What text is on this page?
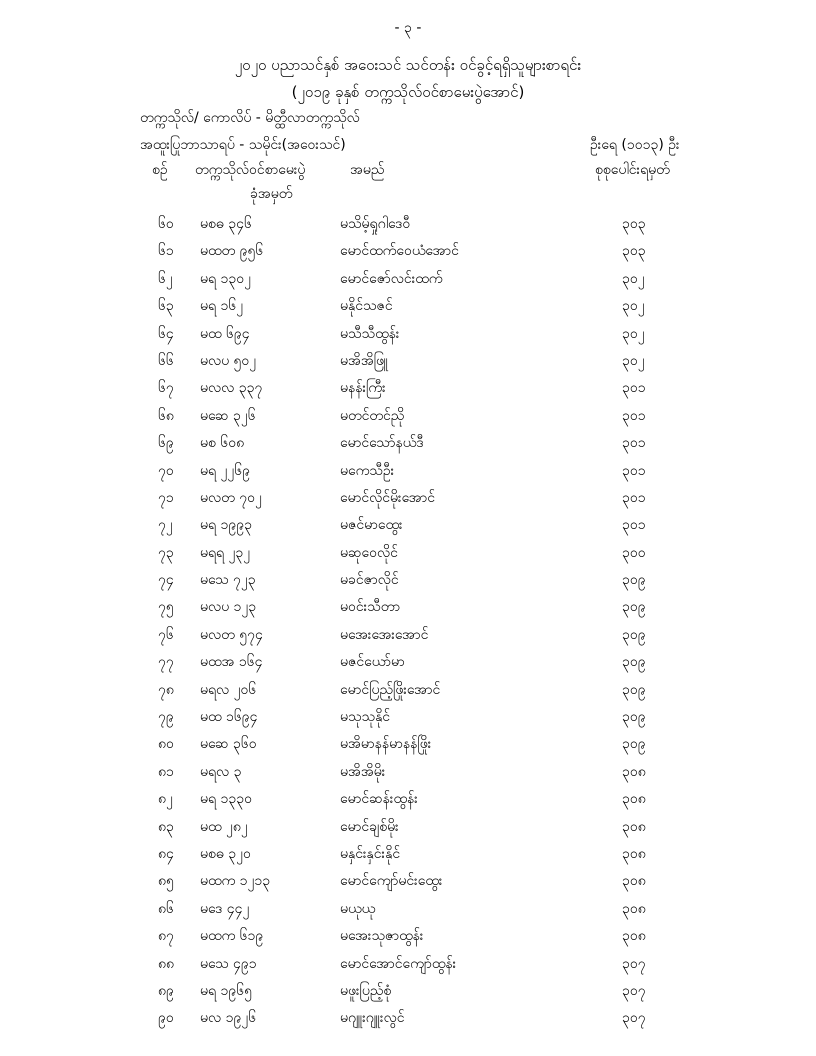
- ၃ -
၂၀၂၀ ပညာသင်နှစ် အဝေးသင် သင်တန်း ဝင်ခွင့်ရရှိသူများစာရင်း
(၂၀၁၉ ခုနှစ် တက္ကသိုလ်ဝင်စာမေးပွဲအောင်)
တက္ကသိုလ်/ ကောလိပ် - မိတ္ထီလာတက္ကသိုလ်
အထူးပြုဘာသာရပ် - သမိုင်း(အဝေးသင်)	ဦးရေ (၁၀၁၃) ဦး
စဉ် တက္ကသိုလ်ဝင်စာမေးပွဲ
ခုံအမှတ်
အမည်	စုစုပေါင်းရမှတ်
၆၀ မစဓ ၃၄၆	မသိမ့်ရှုဂါဒေဝီ	၃၀၃
၆၁ မထတ ၉၅၆	မောင်ထက်ဝေယံအောင်	၃၀၃
၆၂ မရ ၁၃၀၂	မောင်ဇော်လင်းထက်	၃၀၂
၆၃ မရ ၁၆၂	မနိုင်သဇင်	၃၀၂
၆၄ မထ ၆၉၄	မသီသီထွန်း	၃၀၂
၆၆ မလပ ၅၀၂	မအိအိဖြူ	၃၀၂
၆၇ မလလ ၃၃၇	မနန်းကြီး	၃၀၁
၆၈ မဆေ ၃၂၆	မတင်တင်ညို	၃၀၁
၆၉ မစ ၆၀၈	မောင်သော်နယ်ဒီ	၃၀၁
၇၀ မရ ၂၂၆၉	မကေသီဦး	၃၀၁
၇၁ မလတ ၇၀၂	မောင်လိုင်မိုးအောင်	၃၀၁
၇၂ မရ ၁၉၉၃	မဇင်မာထွေး	၃၀၁
၇၃ မရရ ၂၃၂	မဆုဝေလိုင်	၃၀၀
၇၄ မသေ ၇၂၃	မခင်ဇာလိုင်	၃၀၉
၇၅ မလပ ၁၂၃	မဝင်းသီတာ	၃၀၉
၇၆ မလတ ၅၇၄	မအေးအေးအောင်	၃၀၉
၇၇ မထအ ၁၆၄	မဇင်ယော်မာ	၃၀၉
၇၈ မရလ ၂၀၆	မောင်ပြည့်ဖြိုးအောင်	၃၀၉
၇၉ မထ ၁၆၉၄	မသုသုနိုင်	၃၀၉
၈၀ မဆေ ၃၆၀	မအိမာနန်မာနန်ဖြိုး	၃၀၉
၈၁ မရလ ၃	မအိအိမိုး	၃၀၈
၈၂ မရ ၁၃၃၀	မောင်ဆန်းထွန်း	၃၀၈
၈၃ မထ ၂၈၂	မောင်ချစ်မိုး	၃၀၈
၈၄ မစဓ ၃၂၀	မနှင်းနှင်းနိုင်	၃၀၈
၈၅ မထက ၁၂၁၃	မောင်ကျော်မင်းထွေး	၃၀၈
၈၆ မဒေ ၄၄၂	မယုယု	၃၀၈
၈၇ မထက ၆၁၉	မအေးသုဇာထွန်း	၃၀၈
၈၈ မသေ ၄၉၁	မောင်အောင်ကျော်ထွန်း	၃၀၇
၈၉ မရ ၁၉၆၅	မဖူးပြည့်စုံ	၃၀၇
၉၀ မလ ၁၉၂၆	မဂျူးဂျူးလွင်	၃၀၇
